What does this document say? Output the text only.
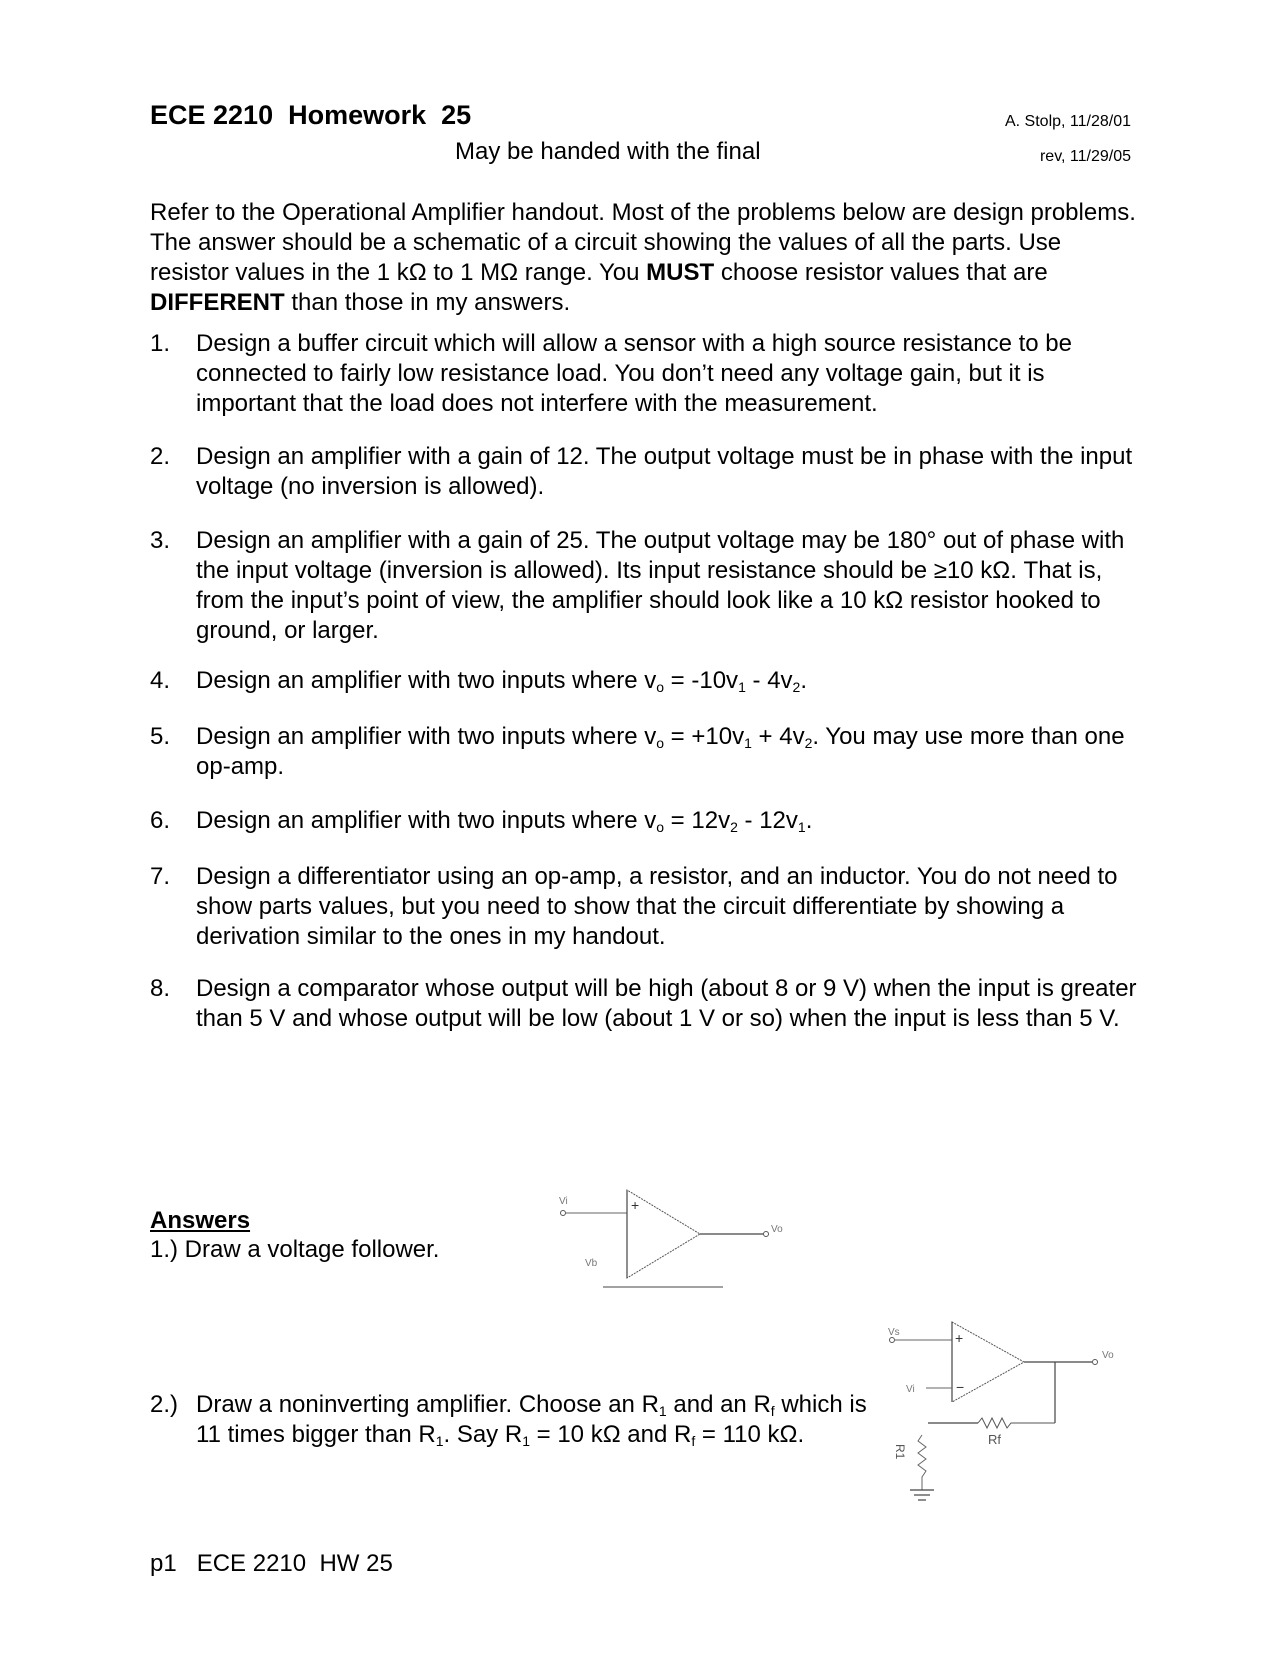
ECE 2210  Homework  25	A. Stolp, 11/28/01
May be handed with the final	rev, 11/29/05
Refer to the Operational Amplifier handout. Most of the problems below are design problems. The answer should be a schematic of a circuit showing the values of all the parts. Use resistor values in the 1 kΩ to 1 MΩ range. You MUST choose resistor values that are DIFFERENT than those in my answers.
1. Design a buffer circuit which will allow a sensor with a high source resistance to be connected to fairly low resistance load. You don’t need any voltage gain, but it is important that the load does not interfere with the measurement.
2. Design an amplifier with a gain of 12. The output voltage must be in phase with the input voltage (no inversion is allowed).
3. Design an amplifier with a gain of 25. The output voltage may be 180° out of phase with the input voltage (inversion is allowed). Its input resistance should be ≥10 kΩ. That is, from the input’s point of view, the amplifier should look like a 10 kΩ resistor hooked to ground, or larger.
4. Design an amplifier with two inputs where $v_o = -10v_1 - 4v_2$.
5. Design an amplifier with two inputs where $v_o = +10v_1 + 4v_2$. You may use more than one op-amp.
6. Design an amplifier with two inputs where $v_o = 12v_2 - 12v_1$.
7. Design a differentiator using an op-amp, a resistor, and an inductor. You do not need to show parts values, but you need to show that the circuit differentiate by showing a derivation similar to the ones in my handout.
8. Design a comparator whose output will be high (about 8 or 9 V) when the input is greater than 5 V and whose output will be low (about 1 V or so) when the input is less than 5 V.
Answers
1.) Draw a voltage follower.
2.) Draw a noninverting amplifier. Choose an $R_1$ and an $R_f$ which is 11 times bigger than $R_1$. Say $R_1 = 10$ kΩ and $R_f = 110$ kΩ.
Vi	+
Vo
Vb
Vs	+
−
Vi
Vo
Rf
R1
p1   ECE 2210  HW 25
